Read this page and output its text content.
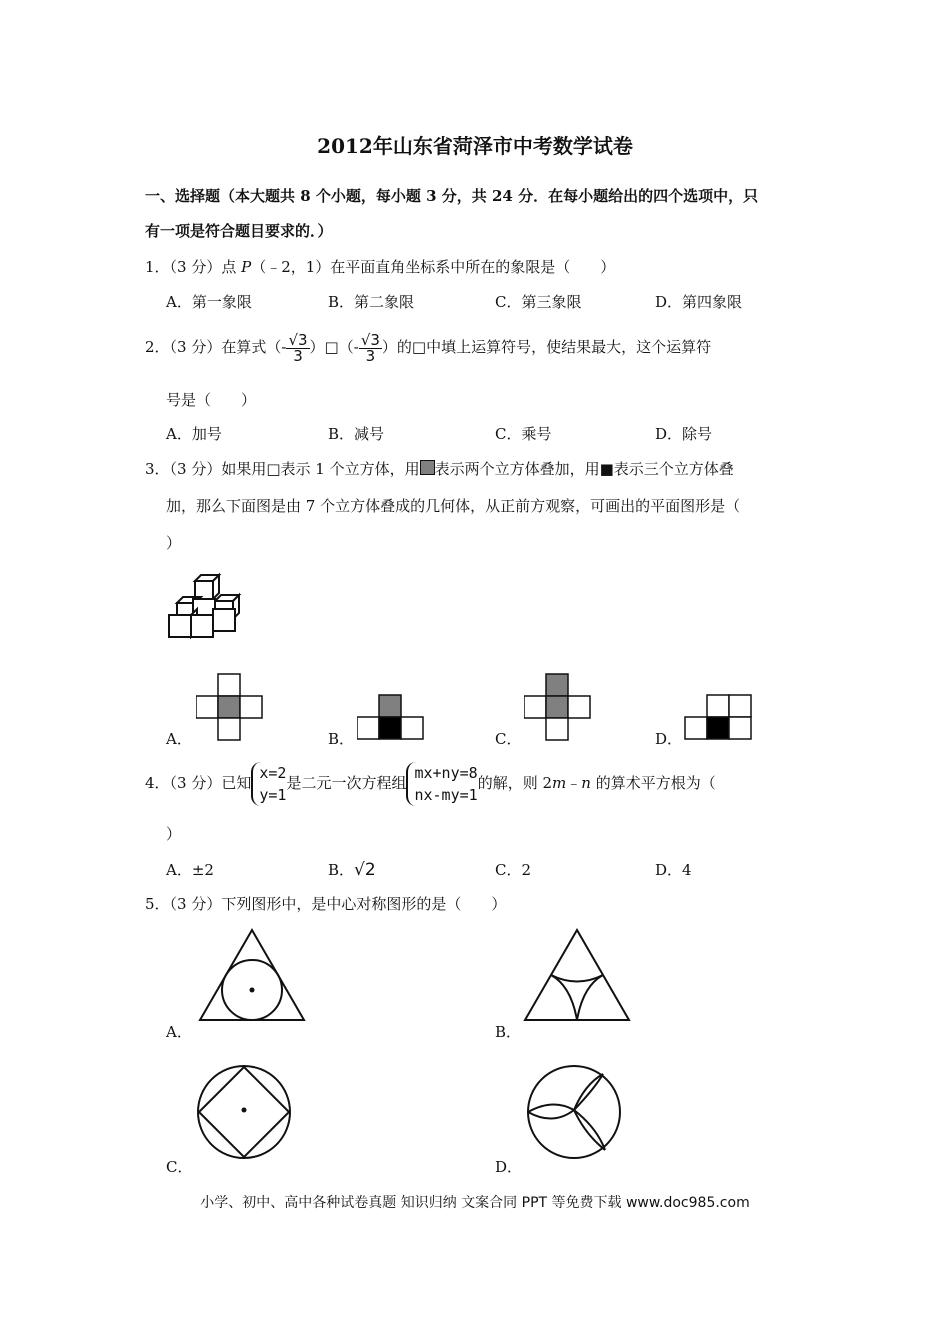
2012年山东省菏泽市中考数学试卷
一、选择题（本大题共 8 个小题，每小题 3 分，共 24 分．在每小题给出的四个选项中，只
有一项是符合题目要求的．）
1．（3 分）点 P（﹣2，1）在平面直角坐标系中所在的象限是（　　）
A．第一象限	B．第二象限	C．第三象限	D．第四象限
2．（3 分）在算式（- $\frac{√3}{3}$ ）□（- $\frac{√3}{3}$ ）的□中填上运算符号，使结果最大，这个运算符
号是（　　）
A．加号	B．减号	C．乘号	D．除号
3．（3 分）如果用□表示 1 个立方体，用 表示两个立方体叠加，用■表示三个立方体叠
加，那么下面图是由 7 个立方体叠成的几何体，从正前方观察，可画出的平面图形是（
）
A．	B．	C．	D．
4．（3 分）已知
x=2
y=1
是二元一次方程组
mx+ny=8
nx-my=1
的解，则 2m﹣n 的算术平方根为（
）
A．±2	B．√2	C．2	D．4
5．（3 分）下列图形中，是中心对称图形的是（　　）
A．	B．
C．	D．
小学、初中、高中各种试卷真题 知识归纳 文案合同 PPT 等免费下载 www.doc985.com
